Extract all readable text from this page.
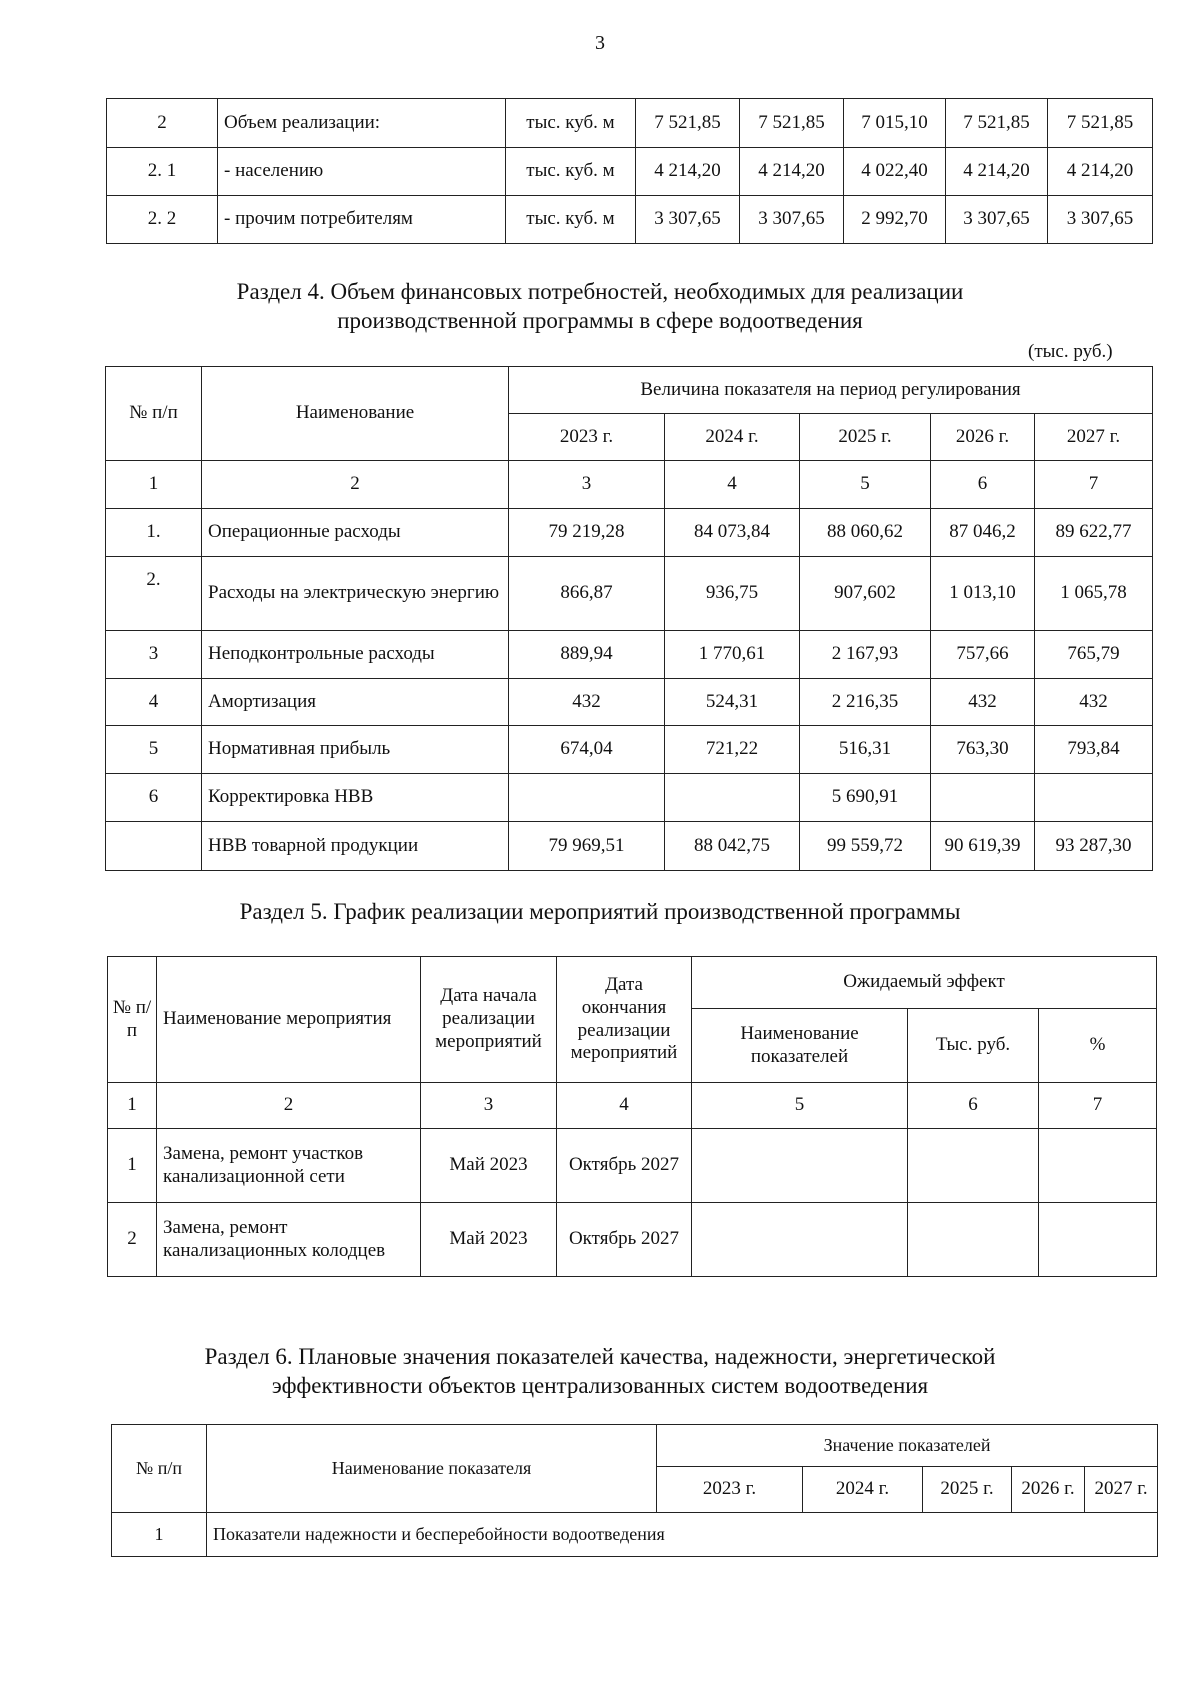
3
2	Объем реализации:	тыс. куб. м	7 521,85	7 521,85	7 015,10	7 521,85	7 521,85
2. 1	- населению	тыс. куб. м	4 214,20	4 214,20	4 022,40	4 214,20	4 214,20
2. 2	- прочим потребителям	тыс. куб. м	3 307,65	3 307,65	2 992,70	3 307,65	3 307,65
Раздел 4. Объем финансовых потребностей, необходимых для реализации
производственной программы в сфере водоотведения
(тыс. руб.)
№ п/п	Наименование	Величина показателя на период регулирования				
		2023 г.	2024 г.	2025 г.	2026 г.	2027 г.
1	2	3	4	5	6	7
1.	Операционные расходы	79 219,28	84 073,84	88 060,62	87 046,2	89 622,77
2.	Расходы на электрическую энергию	866,87	936,75	907,602	1 013,10	1 065,78
3	Неподконтрольные расходы	889,94	1 770,61	2 167,93	757,66	765,79
4	Амортизация	432	524,31	2 216,35	432	432
5	Нормативная прибыль	674,04	721,22	516,31	763,30	793,84
6	Корректировка НВВ			5 690,91		
	НВВ товарной продукции	79 969,51	88 042,75	99 559,72	90 619,39	93 287,30
Раздел 5. График реализации мероприятий производственной программы
№ п/п	Наименование мероприятия	Дата начала реализации мероприятий	Дата окончания реализации мероприятий	Ожидаемый эффект		
				Наименование показателей	Тыс. руб.	%
1	2	3	4	5	6	7
1	Замена, ремонт участков канализационной сети	Май 2023	Октябрь 2027			
2	Замена, ремонт канализационных колодцев	Май 2023	Октябрь 2027			
Раздел 6. Плановые значения показателей качества, надежности, энергетической
эффективности объектов централизованных систем водоотведения
№ п/п	Наименование показателя	Значение показателей				
		2023 г.	2024 г.	2025 г.	2026 г.	2027 г.
1	Показатели надежности и бесперебойности водоотведения					
